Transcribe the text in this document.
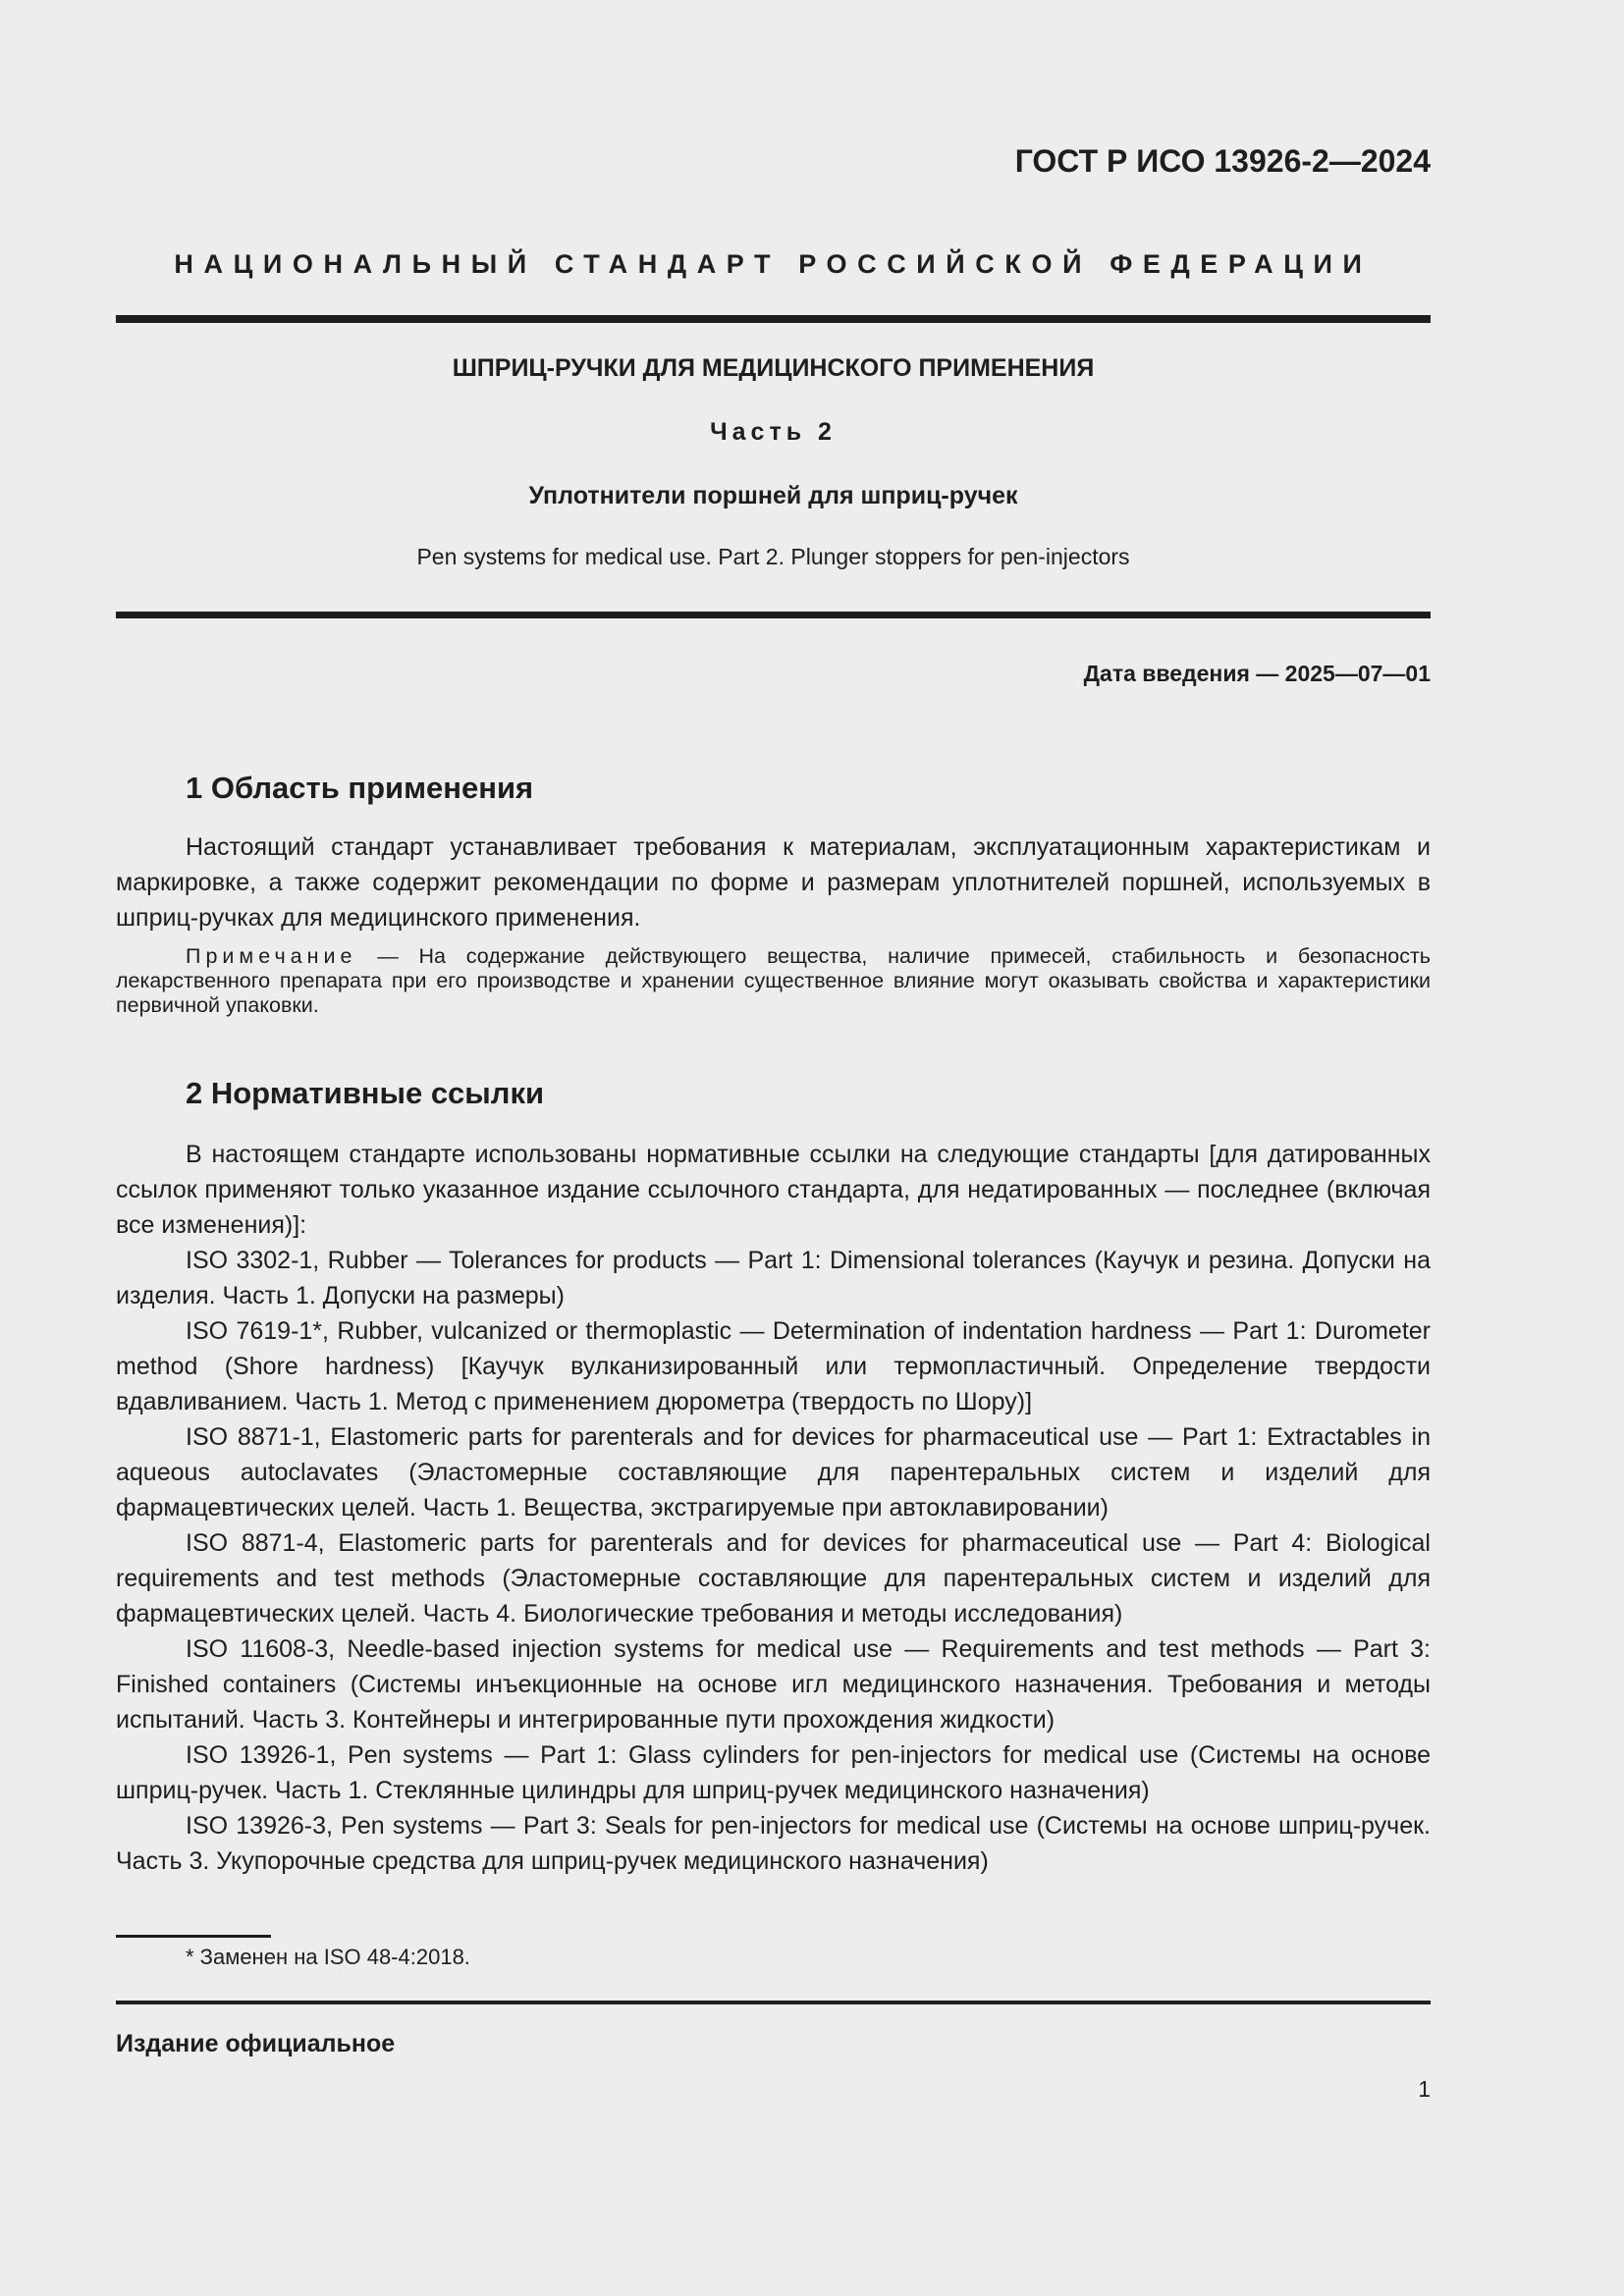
ГОСТ Р ИСО 13926-2—2024
НАЦИОНАЛЬНЫЙ СТАНДАРТ РОССИЙСКОЙ ФЕДЕРАЦИИ
ШПРИЦ-РУЧКИ ДЛЯ МЕДИЦИНСКОГО ПРИМЕНЕНИЯ
Часть 2
Уплотнители поршней для шприц-ручек
Pen systems for medical use. Part 2. Plunger stoppers for pen-injectors
Дата введения — 2025—07—01
1 Область применения

Настоящий стандарт устанавливает требования к материалам, эксплуатационным характеристикам и маркировке, а также содержит рекомендации по форме и размерам уплотнителей поршней, используемых в шприц-ручках для медицинского применения.

Примечание — На содержание действующего вещества, наличие примесей, стабильность и безопасность лекарственного препарата при его производстве и хранении существенное влияние могут оказывать свойства и характеристики первичной упаковки.

2 Нормативные ссылки

В настоящем стандарте использованы нормативные ссылки на следующие стандарты [для датированных ссылок применяют только указанное издание ссылочного стандарта, для недатированных — последнее (включая все изменения)]:

ISO 3302-1, Rubber — Tolerances for products — Part 1: Dimensional tolerances (Каучук и резина. Допуски на изделия. Часть 1. Допуски на размеры)

ISO 7619-1*, Rubber, vulcanized or thermoplastic — Determination of indentation hardness — Part 1: Durometer method (Shore hardness) [Каучук вулканизированный или термопластичный. Определение твердости вдавливанием. Часть 1. Метод с применением дюрометра (твердость по Шору)]

ISO 8871-1, Elastomeric parts for parenterals and for devices for pharmaceutical use — Part 1: Extractables in aqueous autoclavates (Эластомерные составляющие для парентеральных систем и изделий для фармацевтических целей. Часть 1. Вещества, экстрагируемые при автоклавировании)

ISO 8871-4, Elastomeric parts for parenterals and for devices for pharmaceutical use — Part 4: Biological requirements and test methods (Эластомерные составляющие для парентеральных систем и изделий для фармацевтических целей. Часть 4. Биологические требования и методы исследования)

ISO 11608-3, Needle-based injection systems for medical use — Requirements and test methods — Part 3: Finished containers (Системы инъекционные на основе игл медицинского назначения. Требования и методы испытаний. Часть 3. Контейнеры и интегрированные пути прохождения жидкости)

ISO 13926-1, Pen systems — Part 1: Glass cylinders for pen-injectors for medical use (Системы на основе шприц-ручек. Часть 1. Стеклянные цилиндры для шприц-ручек медицинского назначения)

ISO 13926-3, Pen systems — Part 3: Seals for pen-injectors for medical use (Системы на основе шприц-ручек. Часть 3. Укупорочные средства для шприц-ручек медицинского назначения)

* Заменен на ISO 48-4:2018.
Издание официальное
1
